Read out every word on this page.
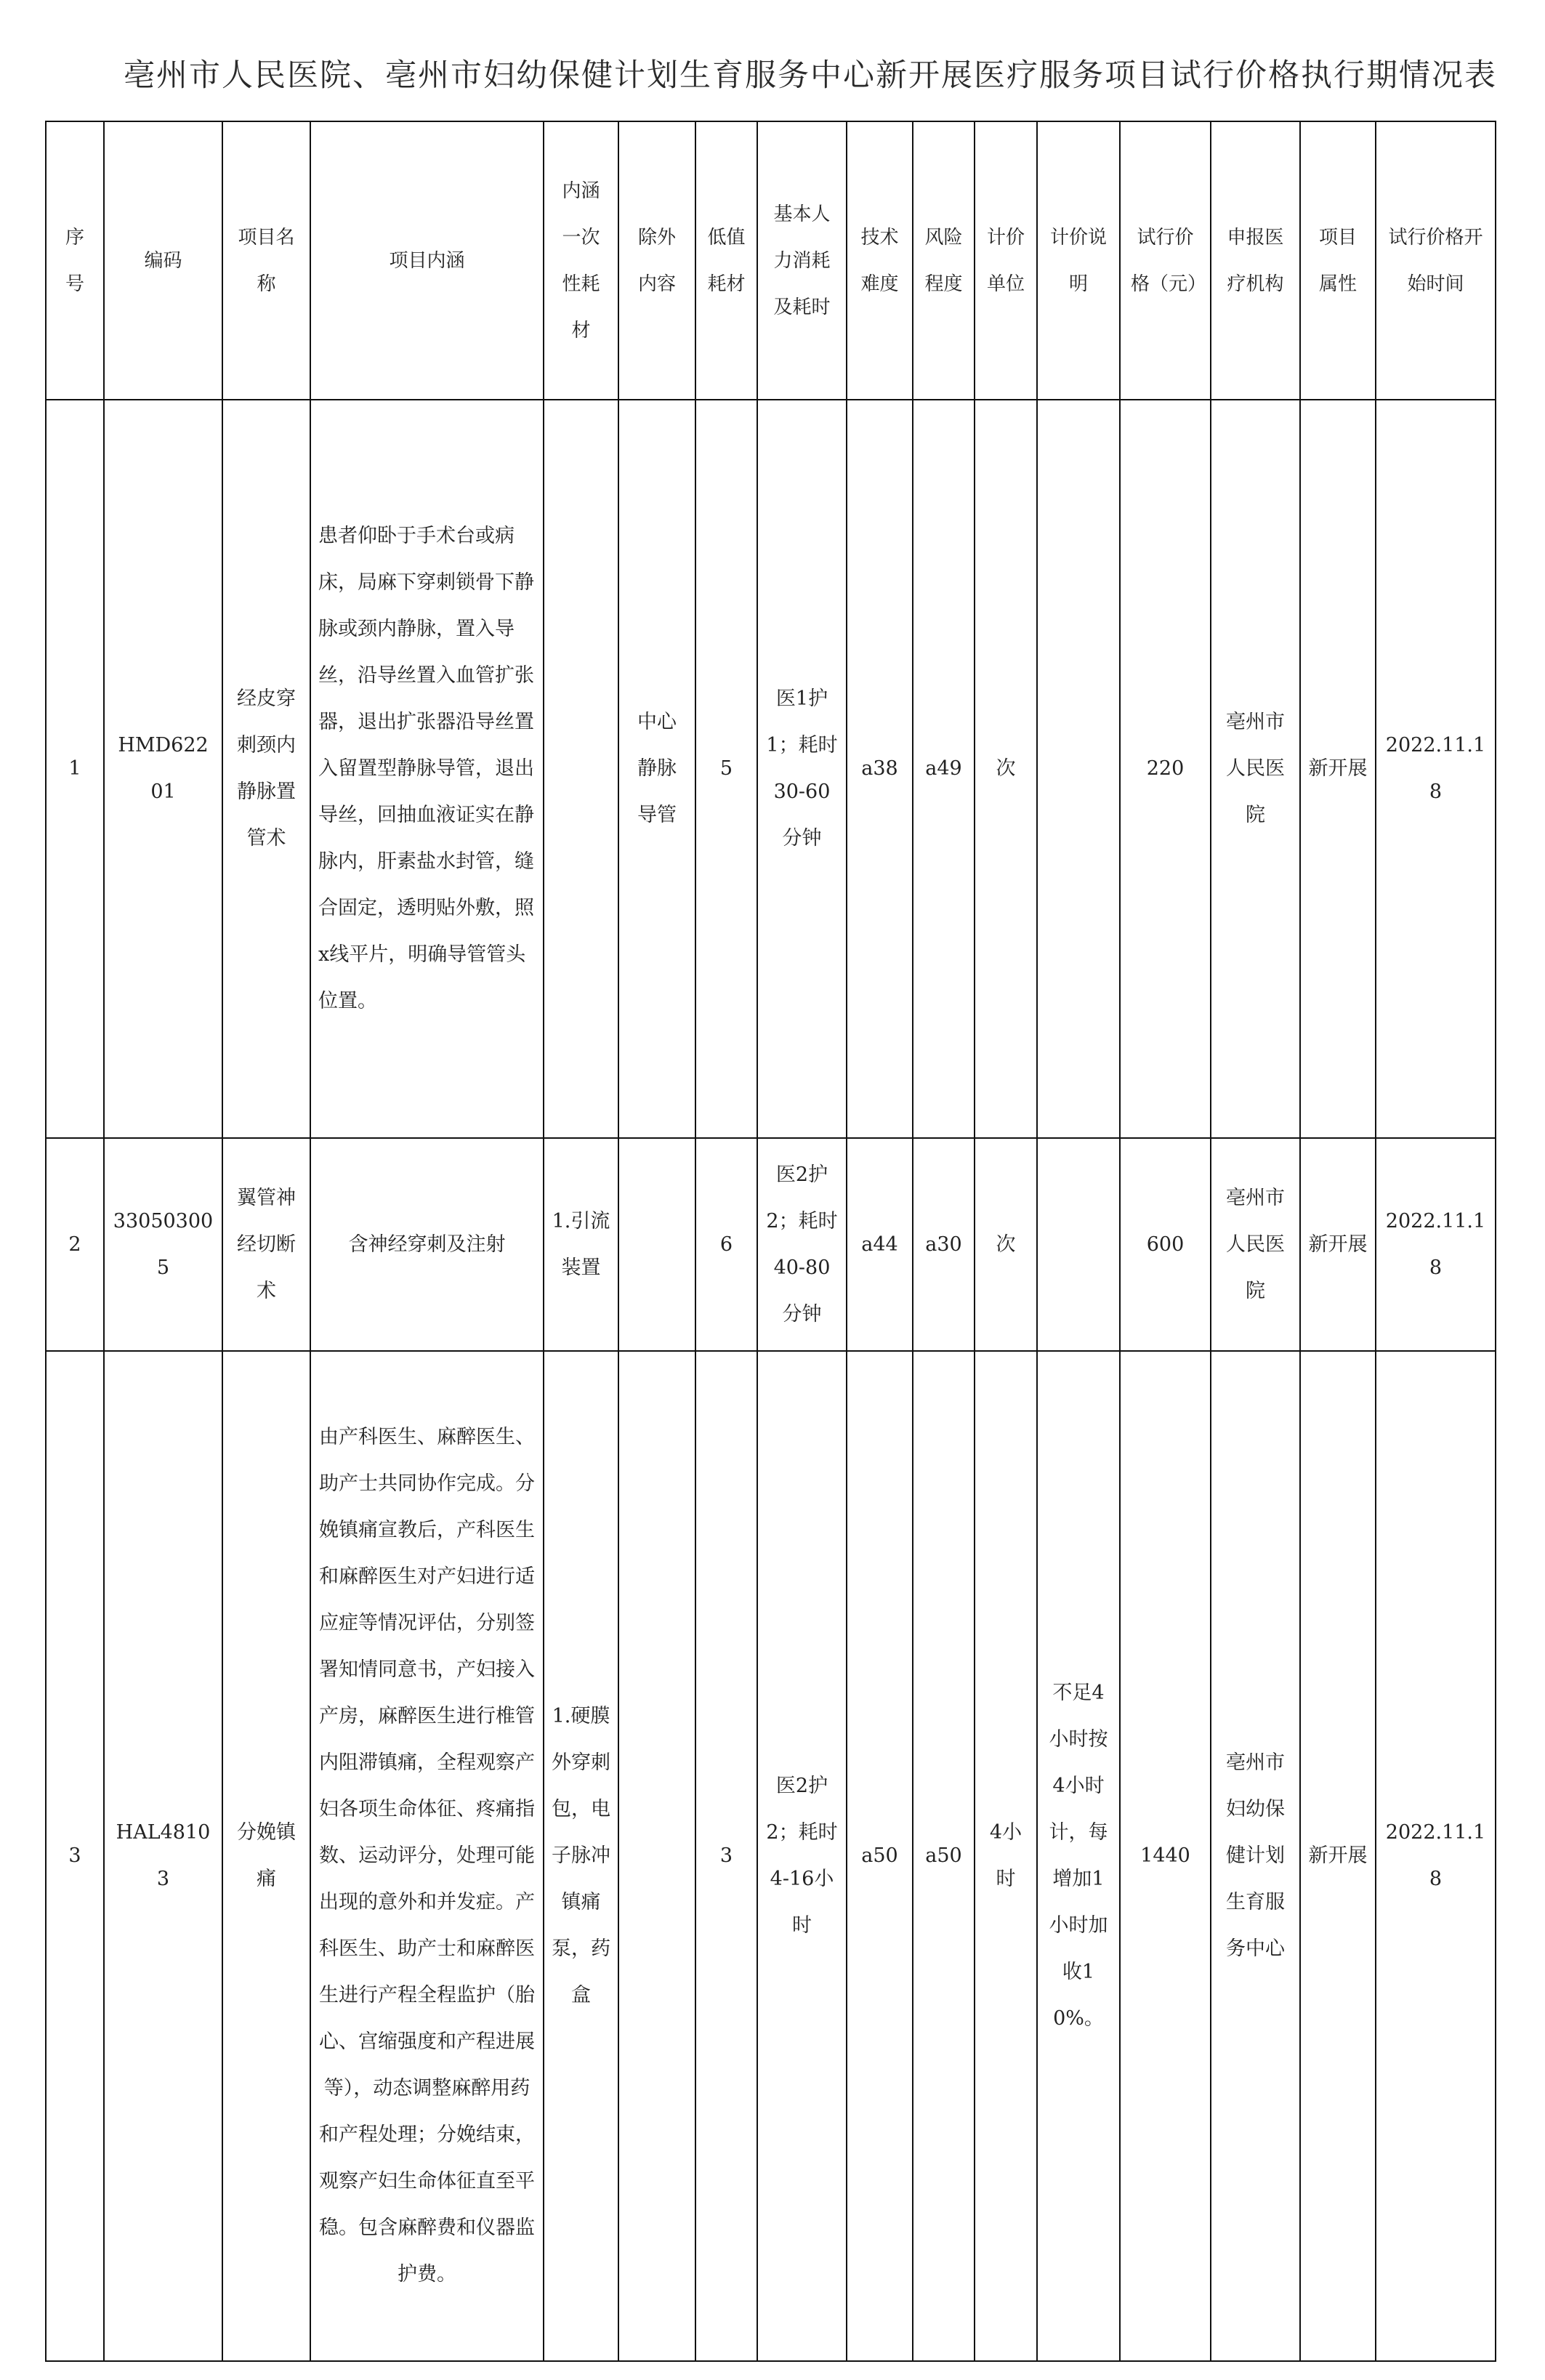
亳州市人民医院、亳州市妇幼保健计划生育服务中心新开展医疗服务项目试行价格执行期情况表
序号	编码	项目名称	项目内涵	内涵一次性耗材	除外内容	低值耗材	基本人力消耗及耗时	技术难度	风险程度	计价单位	计价说明	试行价格（元）	申报医疗机构	项目属性	试行价格开始时间
1	HMD62201	经皮穿刺颈内静脉置管术	患者仰卧于手术台或病床，局麻下穿刺锁骨下静脉或颈内静脉，置入导丝，沿导丝置入血管扩张器，退出扩张器沿导丝置入留置型静脉导管，退出导丝，回抽血液证实在静脉内，肝素盐水封管，缝合固定，透明贴外敷，照x线平片，明确导管管头位置。		中心静脉导管	5	医1护1；耗时30-60分钟	a38	a49	次		220	亳州市人民医院	新开展	2022.11.18
2	330503005	翼管神经切断术	含神经穿刺及注射	1.引流装置		6	医2护2；耗时40-80分钟	a44	a30	次		600	亳州市人民医院	新开展	2022.11.18
3	HAL48103	分娩镇痛	由产科医生、麻醉医生、助产士共同协作完成。分娩镇痛宣教后，产科医生和麻醉医生对产妇进行适应症等情况评估，分别签署知情同意书，产妇接入产房，麻醉医生进行椎管内阻滞镇痛，全程观察产妇各项生命体征、疼痛指数、运动评分，处理可能出现的意外和并发症。产科医生、助产士和麻醉医生进行产程全程监护（胎心、宫缩强度和产程进展等），动态调整麻醉用药和产程处理；分娩结束，观察产妇生命体征直至平稳。包含麻醉费和仪器监护费。	1.硬膜外穿刺包，电子脉冲镇痛泵，药盒		3	医2护2；耗时4-16小时	a50	a50	4小时	不足4小时按4小时计，每增加1小时加收10%。	1440	亳州市妇幼保健计划生育服务中心	新开展	2022.11.18
